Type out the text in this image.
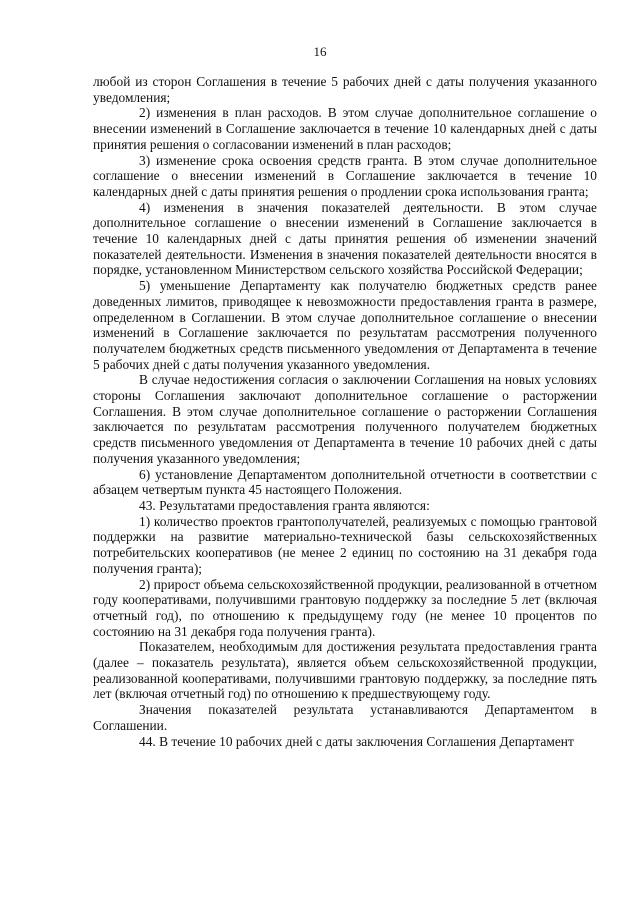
16

любой из сторон Соглашения в течение 5 рабочих дней с даты получения указанного уведомления;

2) изменения в план расходов. В этом случае дополнительное соглашение о внесении изменений в Соглашение заключается в течение 10 календарных дней с даты принятия решения о согласовании изменений в план расходов;

3) изменение срока освоения средств гранта. В этом случае дополнительное соглашение о внесении изменений в Соглашение заключается в течение 10 календарных дней с даты принятия решения о продлении срока использования гранта;

4) изменения в значения показателей деятельности. В этом случае дополнительное соглашение о внесении изменений в Соглашение заключается в течение 10 календарных дней с даты принятия решения об изменении значений показателей деятельности. Изменения в значения показателей деятельности вносятся в порядке, установленном Министерством сельского хозяйства Российской Федерации;

5) уменьшение Департаменту как получателю бюджетных средств ранее доведенных лимитов, приводящее к невозможности предоставления гранта в размере, определенном в Соглашении. В этом случае дополнительное соглашение о внесении изменений в Соглашение заключается по результатам рассмотрения полученного получателем бюджетных средств письменного уведомления от Департамента в течение 5 рабочих дней с даты получения указанного уведомления.

В случае недостижения согласия о заключении Соглашения на новых условиях стороны Соглашения заключают дополнительное соглашение о расторжении Соглашения. В этом случае дополнительное соглашение о расторжении Соглашения заключается по результатам рассмотрения полученного получателем бюджетных средств письменного уведомления от Департамента в течение 10 рабочих дней с даты получения указанного уведомления;

6) установление Департаментом дополнительной отчетности в соответствии с абзацем четвертым пункта 45 настоящего Положения.

43. Результатами предоставления гранта являются:

1) количество проектов грантополучателей, реализуемых с помощью грантовой поддержки на развитие материально-технической базы сельскохозяйственных потребительских кооперативов (не менее 2 единиц по состоянию на 31 декабря года получения гранта);

2) прирост объема сельскохозяйственной продукции, реализованной в отчетном году кооперативами, получившими грантовую поддержку за последние 5 лет (включая отчетный год), по отношению к предыдущему году (не менее 10 процентов по состоянию на 31 декабря года получения гранта).

Показателем, необходимым для достижения результата предоставления гранта (далее – показатель результата), является объем сельскохозяйственной продукции, реализованной кооперативами, получившими грантовую поддержку, за последние пять лет (включая отчетный год) по отношению к предшествующему году.

Значения показателей результата устанавливаются Департаментом в Соглашении.

44. В течение 10 рабочих дней с даты заключения Соглашения Департамент
